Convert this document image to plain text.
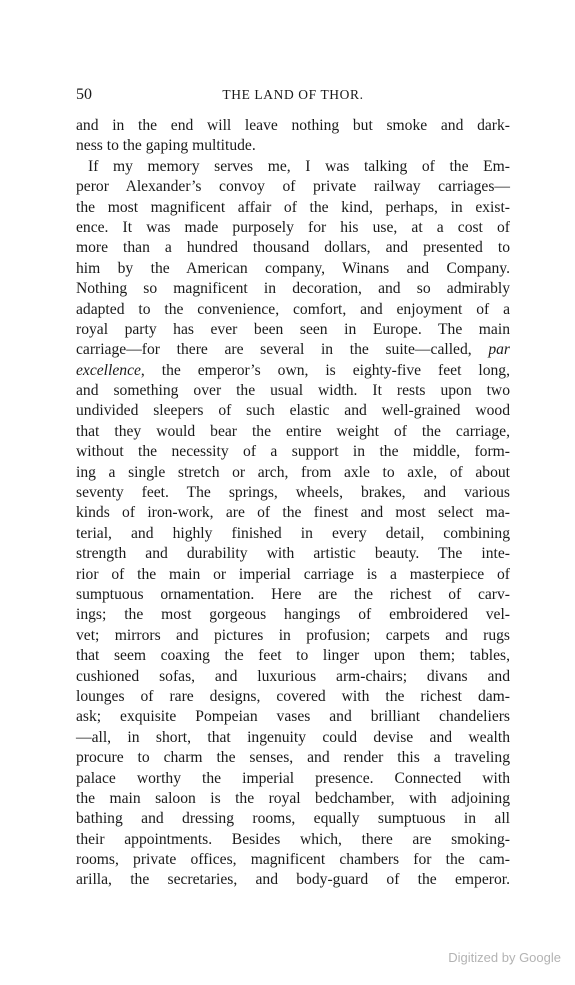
50	THE LAND OF THOR.
and in the end will leave nothing but smoke and dark-
ness to the gaping multitude.
If my memory serves me, I was talking of the Em-
peror Alexander’s convoy of private railway carriages—
the most magnificent affair of the kind, perhaps, in exist-
ence. It was made purposely for his use, at a cost of
more than a hundred thousand dollars, and presented to
him by the American company, Winans and Company.
Nothing so magnificent in decoration, and so admirably
adapted to the convenience, comfort, and enjoyment of a
royal party has ever been seen in Europe. The main
carriage—for there are several in the suite—called, par
excellence, the emperor’s own, is eighty-five feet long,
and something over the usual width. It rests upon two
undivided sleepers of such elastic and well-grained wood
that they would bear the entire weight of the carriage,
without the necessity of a support in the middle, form-
ing a single stretch or arch, from axle to axle, of about
seventy feet. The springs, wheels, brakes, and various
kinds of iron-work, are of the finest and most select ma-
terial, and highly finished in every detail, combining
strength and durability with artistic beauty. The inte-
rior of the main or imperial carriage is a masterpiece of
sumptuous ornamentation. Here are the richest of carv-
ings; the most gorgeous hangings of embroidered vel-
vet; mirrors and pictures in profusion; carpets and rugs
that seem coaxing the feet to linger upon them; tables,
cushioned sofas, and luxurious arm-chairs; divans and
lounges of rare designs, covered with the richest dam-
ask; exquisite Pompeian vases and brilliant chandeliers
—all, in short, that ingenuity could devise and wealth
procure to charm the senses, and render this a traveling
palace worthy the imperial presence. Connected with
the main saloon is the royal bedchamber, with adjoining
bathing and dressing rooms, equally sumptuous in all
their appointments. Besides which, there are smoking-
rooms, private offices, magnificent chambers for the cam-
arilla, the secretaries, and body-guard of the emperor.
Digitized by Google
